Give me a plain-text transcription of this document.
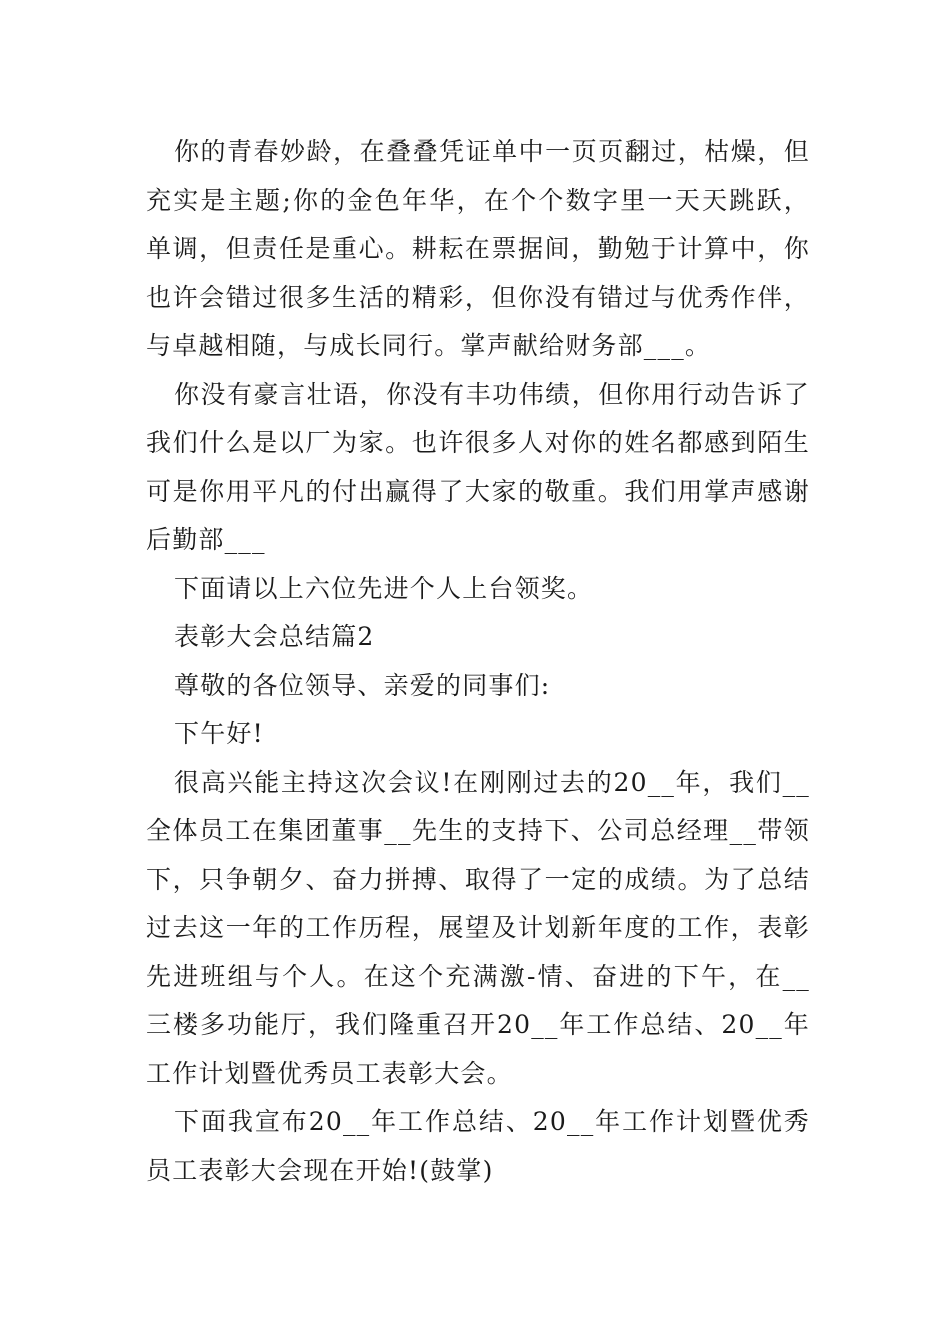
你的青春妙龄，在叠叠凭证单中一页页翻过，枯燥，但充实是主题;你的金色年华，在个个数字里一天天跳跃，单调，但责任是重心。耕耘在票据间，勤勉于计算中，你也许会错过很多生活的精彩，但你没有错过与优秀作伴，与卓越相随，与成长同行。掌声献给财务部___。

你没有豪言壮语，你没有丰功伟绩，但你用行动告诉了我们什么是以厂为家。也许很多人对你的姓名都感到陌生可是你用平凡的付出赢得了大家的敬重。我们用掌声感谢后勤部___

下面请以上六位先进个人上台领奖。

表彰大会总结篇2

尊敬的各位领导、亲爱的同事们:

下午好!

很高兴能主持这次会议!在刚刚过去的20__年，我们__全体员工在集团董事__先生的支持下、公司总经理__带领下，只争朝夕、奋力拼搏、取得了一定的成绩。为了总结过去这一年的工作历程，展望及计划新年度的工作，表彰先进班组与个人。在这个充满激-情、奋进的下午，在__三楼多功能厅，我们隆重召开20__年工作总结、20__年工作计划暨优秀员工表彰大会。

下面我宣布20__年工作总结、20__年工作计划暨优秀员工表彰大会现在开始!(鼓掌)
